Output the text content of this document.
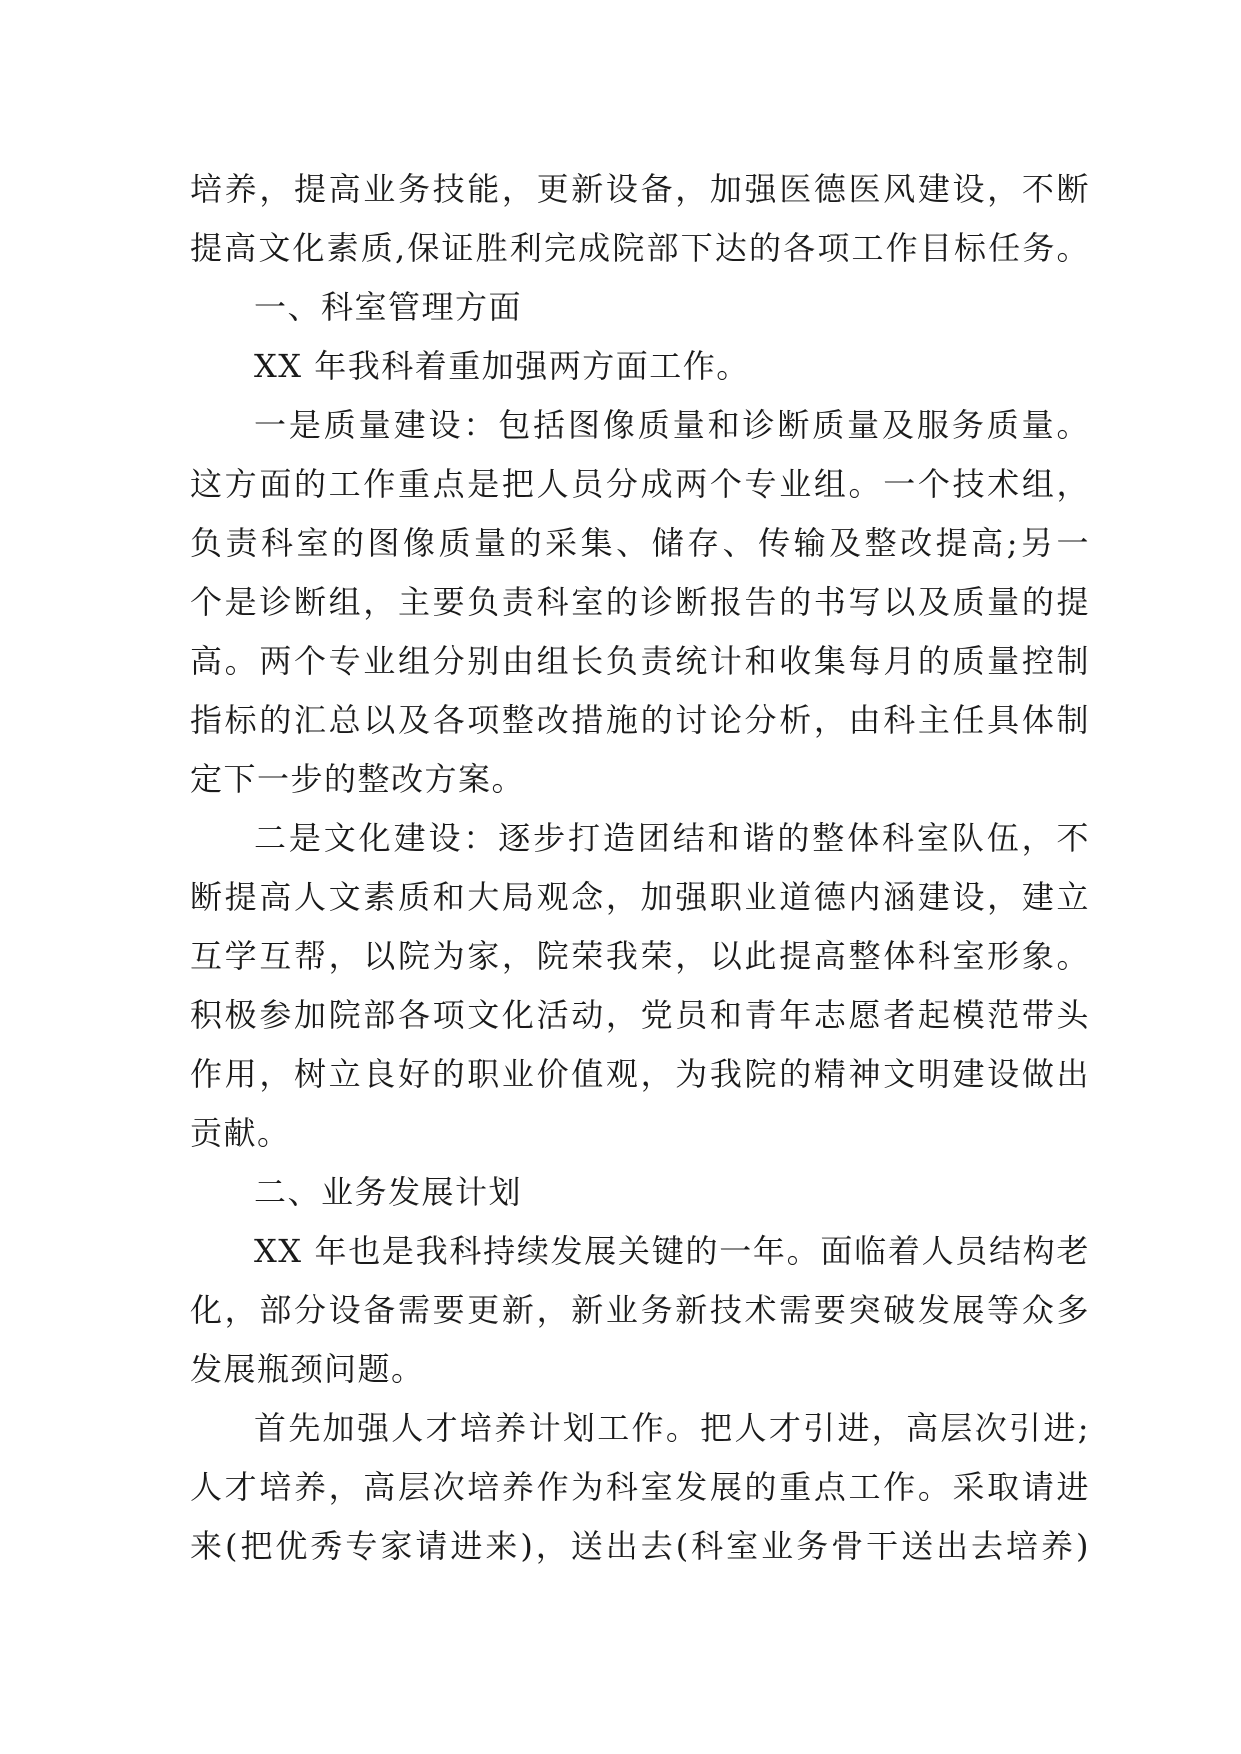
培养，提高业务技能，更新设备，加强医德医风建设，不断
提高文化素质,保证胜利完成院部下达的各项工作目标任务。
一、科室管理方面
XX 年我科着重加强两方面工作。
一是质量建设：包括图像质量和诊断质量及服务质量。
这方面的工作重点是把人员分成两个专业组。一个技术组，
负责科室的图像质量的采集、储存、传输及整改提高;另一
个是诊断组，主要负责科室的诊断报告的书写以及质量的提
高。两个专业组分别由组长负责统计和收集每月的质量控制
指标的汇总以及各项整改措施的讨论分析，由科主任具体制
定下一步的整改方案。
二是文化建设：逐步打造团结和谐的整体科室队伍，不
断提高人文素质和大局观念，加强职业道德内涵建设，建立
互学互帮，以院为家，院荣我荣，以此提高整体科室形象。
积极参加院部各项文化活动，党员和青年志愿者起模范带头
作用，树立良好的职业价值观，为我院的精神文明建设做出
贡献。
二、业务发展计划
XX 年也是我科持续发展关键的一年。面临着人员结构老
化，部分设备需要更新，新业务新技术需要突破发展等众多
发展瓶颈问题。
首先加强人才培养计划工作。把人才引进，高层次引进;
人才培养，高层次培养作为科室发展的重点工作。采取请进
来(把优秀专家请进来)，送出去(科室业务骨干送出去培养)
